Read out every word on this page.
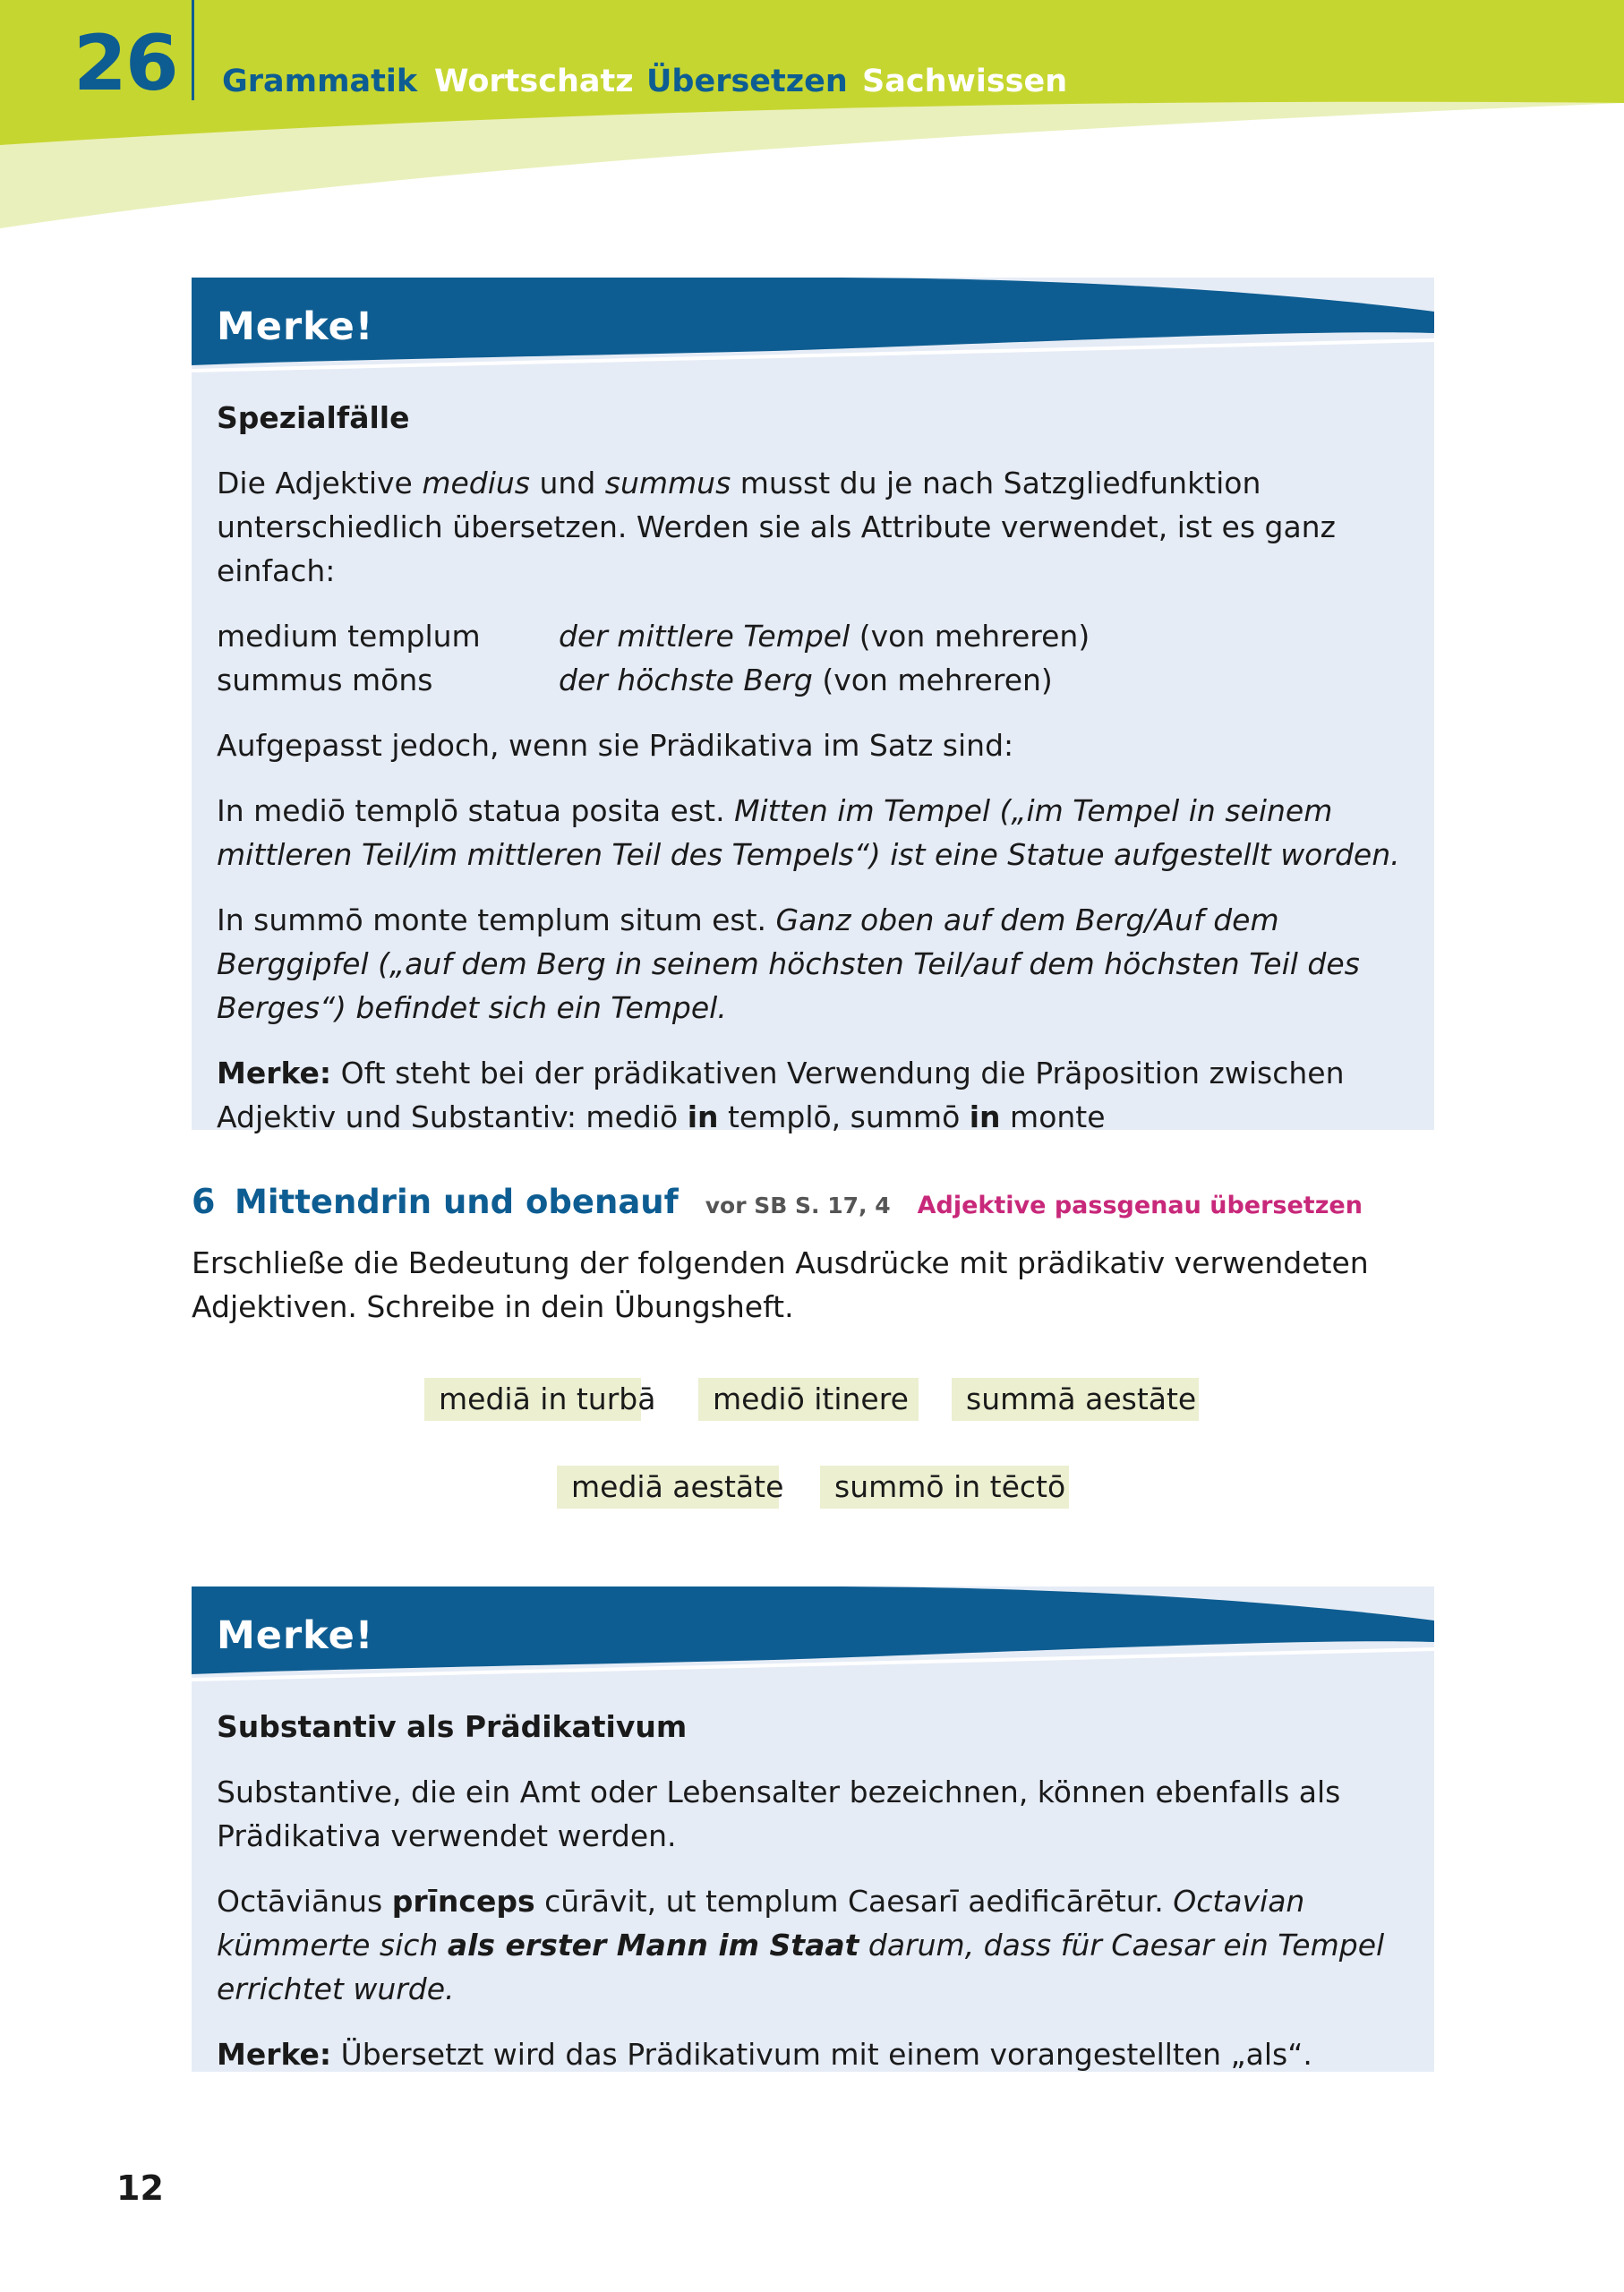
26 Grammatik Wortschatz Übersetzen Sachwissen
Merke!

Spezialfälle

Die Adjektive medius und summus musst du je nach Satzgliedfunktion unterschiedlich übersetzen. Werden sie als Attribute verwendet, ist es ganz einfach:

medium templum	der mittlere Tempel (von mehreren)
summus mōns	der höchste Berg (von mehreren)

Aufgepasst jedoch, wenn sie Prädikativa im Satz sind:

In mediō templō statua posita est. Mitten im Tempel („im Tempel in seinem mittleren Teil/im mittleren Teil des Tempels“) ist eine Statue aufgestellt worden.

In summō monte templum situm est. Ganz oben auf dem Berg/Auf dem Berggipfel („auf dem Berg in seinem höchsten Teil/auf dem höchsten Teil des Berges“) befindet sich ein Tempel.

Merke: Oft steht bei der prädikativen Verwendung die Präposition zwischen Adjektiv und Substantiv: mediō in templō, summō in monte

6 Mittendrin und obenauf vor SB S. 17, 4 Adjektive passgenau übersetzen
Erschließe die Bedeutung der folgenden Ausdrücke mit prädikativ verwendeten Adjektiven. Schreibe in dein Übungsheft.
mediā in turbā	mediō itinere	summā aestāte
mediā aestāte	summō in tēctō
Merke!

Substantiv als Prädikativum

Substantive, die ein Amt oder Lebensalter bezeichnen, können ebenfalls als Prädikativa verwendet werden.

Octāviānus prīnceps cūrāvit, ut templum Caesarī aedificārētur. Octavian kümmerte sich als erster Mann im Staat darum, dass für Caesar ein Tempel errichtet wurde.

Merke: Übersetzt wird das Prädikativum mit einem vorangestellten „als“.

12
